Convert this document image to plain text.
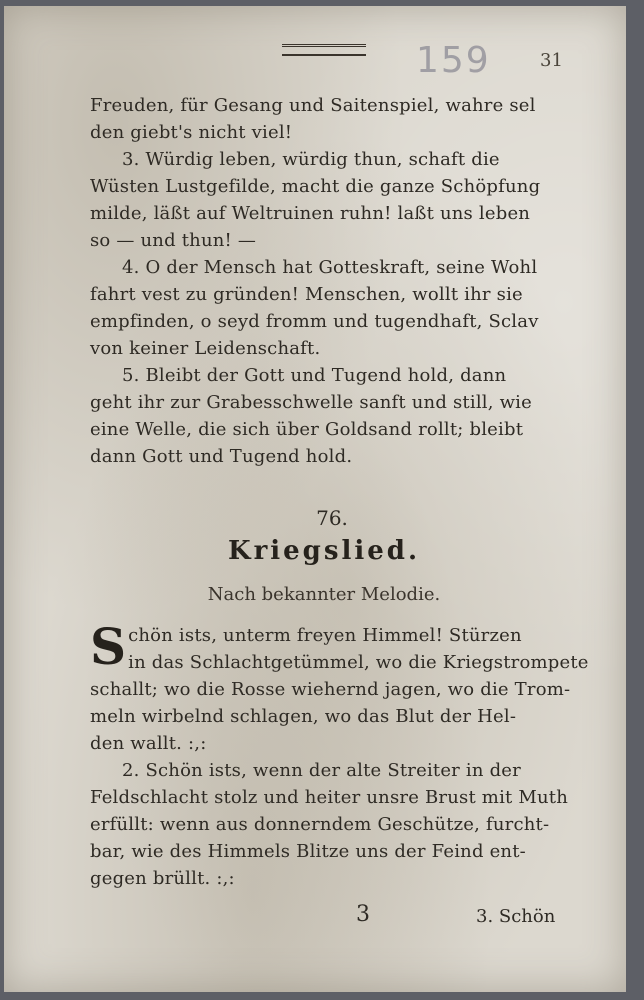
159	31
Freuden, für Gesang und Saitenspiel, wahre sel
den giebt's nicht viel!
3. Würdig leben, würdig thun, schaft die
Wüsten Lustgefilde, macht die ganze Schöpfung
milde, läßt auf Weltruinen ruhn! laßt uns leben
so — und thun! —
4. O der Mensch hat Gotteskraft, seine Wohl
fahrt vest zu gründen! Menschen, wollt ihr sie
empfinden, o seyd fromm und tugendhaft, Sclav
von keiner Leidenschaft.
5. Bleibt der Gott und Tugend hold, dann
geht ihr zur Grabesschwelle sanft und still, wie
eine Welle, die sich über Goldsand rollt; bleibt
dann Gott und Tugend hold.
76.
Kriegslied.
Nach bekannter Melodie.
S chön ists, unterm freyen Himmel! Stürzen
in das Schlachtgetümmel, wo die Kriegstrompete
schallt; wo die Rosse wiehernd jagen, wo die Trom-
meln wirbelnd schlagen, wo das Blut der Hel-
den wallt. :,:
2. Schön ists, wenn der alte Streiter in der
Feldschlacht stolz und heiter unsre Brust mit Muth
erfüllt: wenn aus donnerndem Geschütze, furcht-
bar, wie des Himmels Blitze uns der Feind ent-
gegen brüllt. :,:
3	3. Schön
